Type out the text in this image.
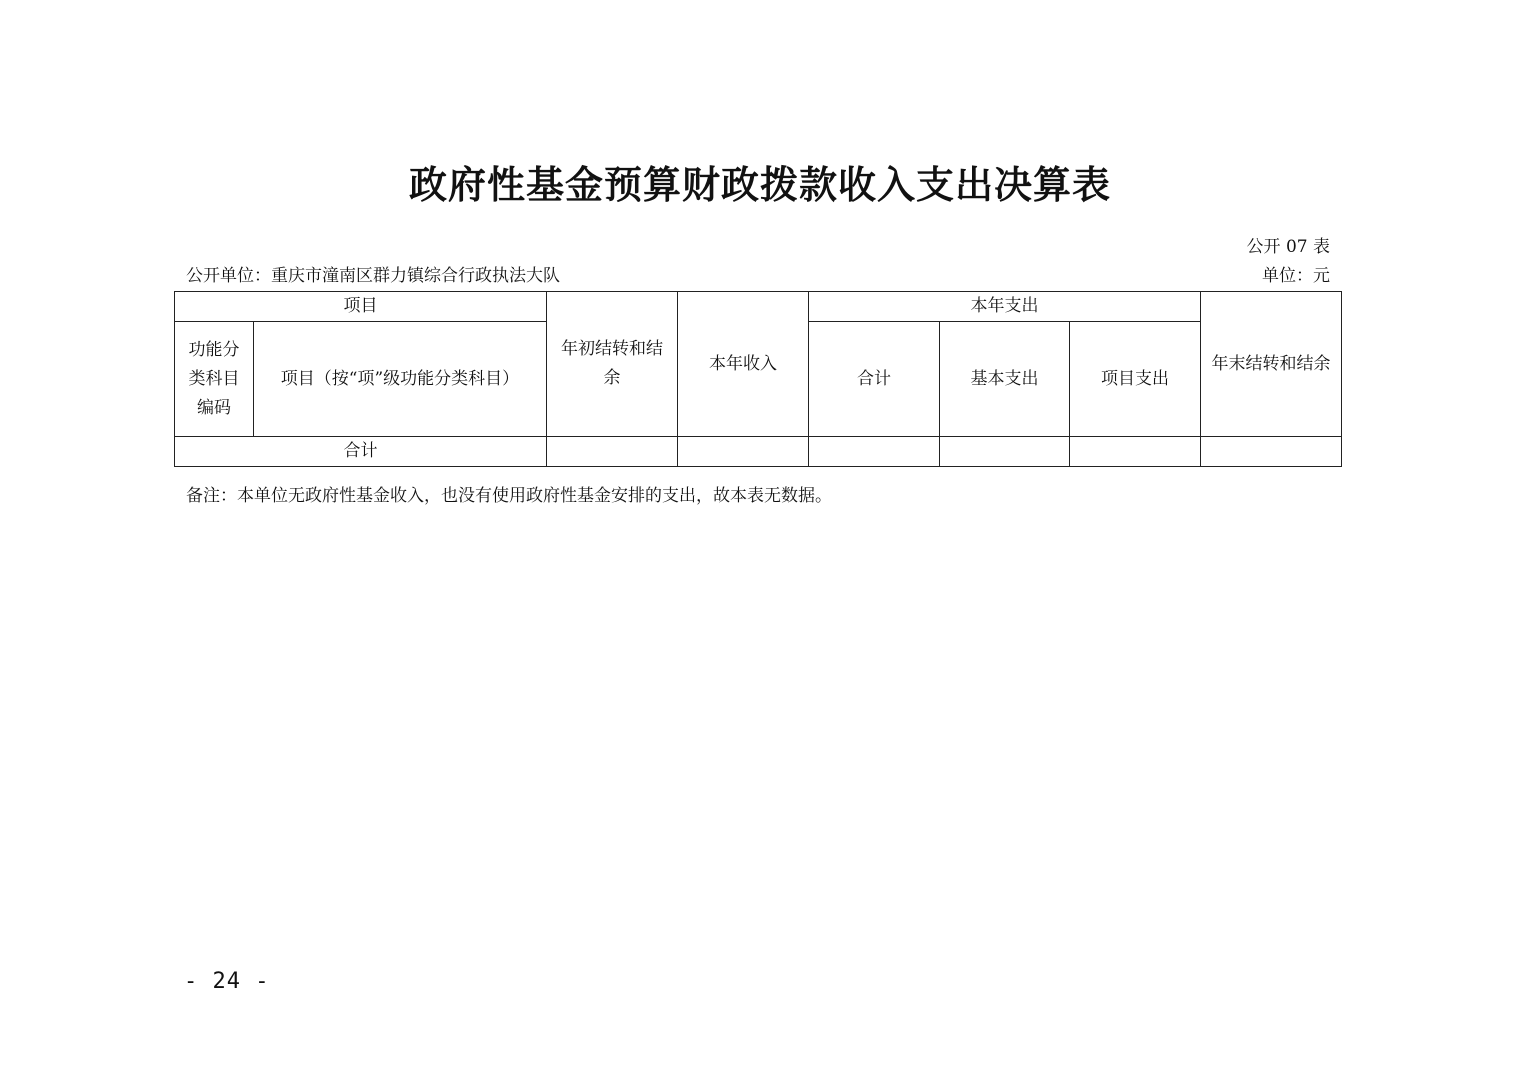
政府性基金预算财政拨款收入支出决算表
公开 07 表
公开单位：重庆市潼南区群力镇综合行政执法大队	单位：元
项目		年初结转和结余	本年收入	本年支出			年末结转和结余
功能分类科目编码	项目（按“项”级功能分类科目）			合计	基本支出	项目支出	
合计							
备注：本单位无政府性基金收入，也没有使用政府性基金安排的支出，故本表无数据。
- 24 -
